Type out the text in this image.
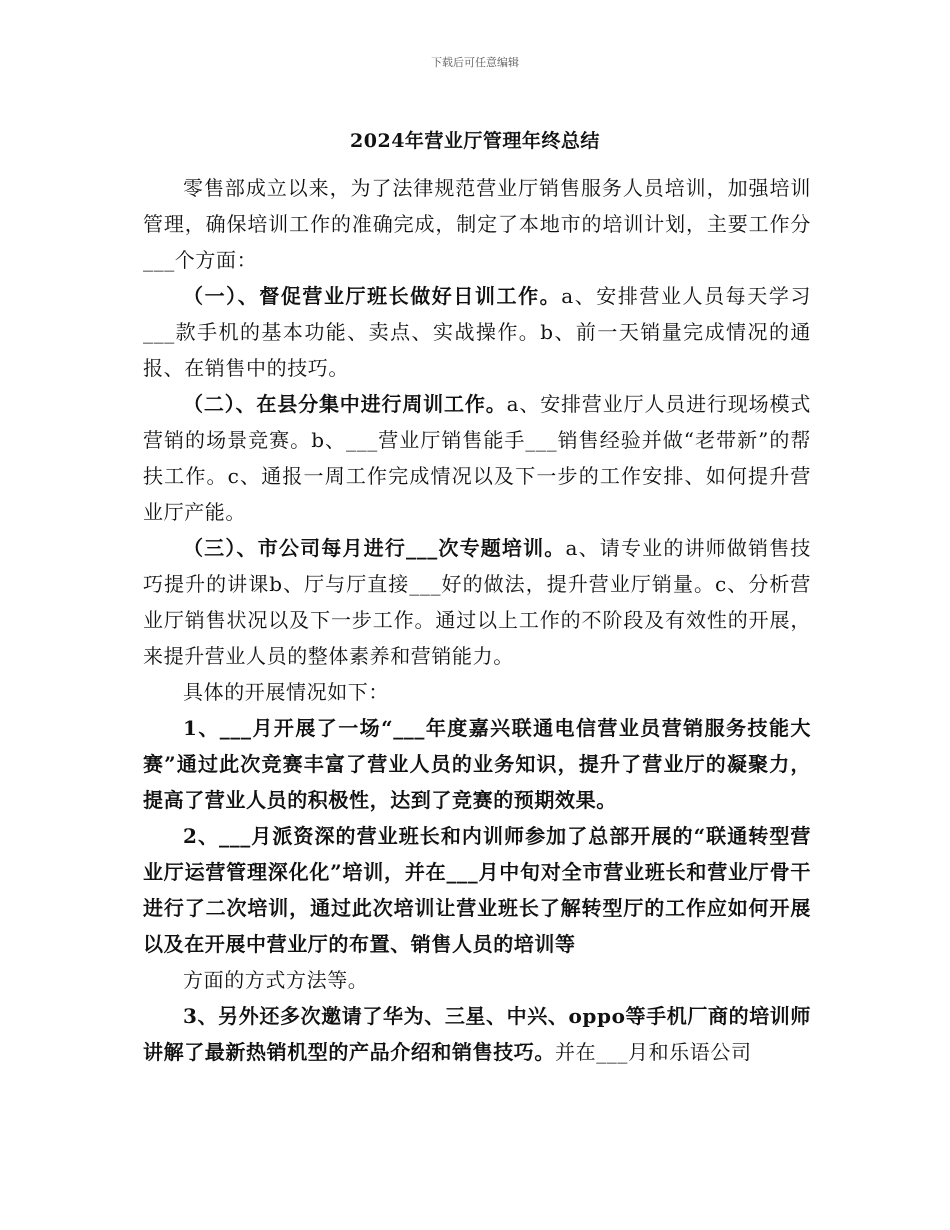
下载后可任意编辑
2024年营业厅管理年终总结

零售部成立以来，为了法律规范营业厅销售服务人员培训，加强培训管理，确保培训工作的准确完成，制定了本地市的培训计划，主要工作分___个方面：

（一）、督促营业厅班长做好日训工作。a、安排营业人员每天学习___款手机的基本功能、卖点、实战操作。b、前一天销量完成情况的通报、在销售中的技巧。

（二）、在县分集中进行周训工作。a、安排营业厅人员进行现场模式营销的场景竞赛。b、___营业厅销售能手___销售经验并做“老带新”的帮扶工作。c、通报一周工作完成情况以及下一步的工作安排、如何提升营业厅产能。

（三）、市公司每月进行___次专题培训。a、请专业的讲师做销售技巧提升的讲课b、厅与厅直接___好的做法，提升营业厅销量。c、分析营业厅销售状况以及下一步工作。通过以上工作的不阶段及有效性的开展，来提升营业人员的整体素养和营销能力。

具体的开展情况如下：

1、___月开展了一场“___年度嘉兴联通电信营业员营销服务技能大赛”通过此次竞赛丰富了营业人员的业务知识，提升了营业厅的凝聚力，提高了营业人员的积极性，达到了竞赛的预期效果。

2、___月派资深的营业班长和内训师参加了总部开展的“联通转型营业厅运营管理深化化”培训，并在___月中旬对全市营业班长和营业厅骨干进行了二次培训，通过此次培训让营业班长了解转型厅的工作应如何开展以及在开展中营业厅的布置、销售人员的培训等

方面的方式方法等。

3、另外还多次邀请了华为、三星、中兴、oppo等手机厂商的培训师讲解了最新热销机型的产品介绍和销售技巧。并在___月和乐语公司
